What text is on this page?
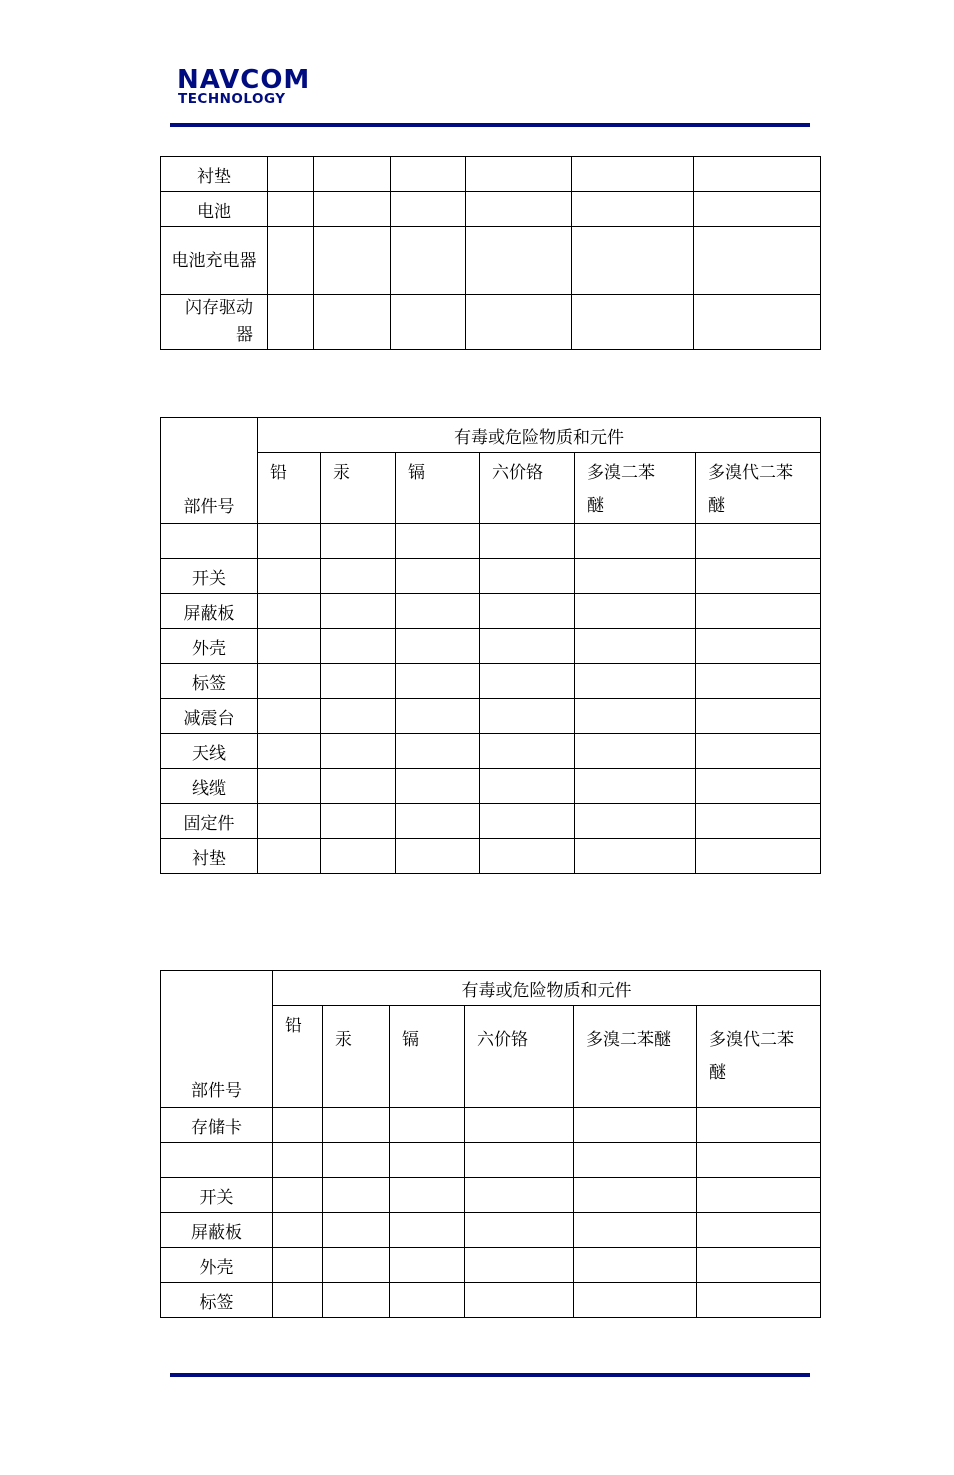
NAVCOM
TECHNOLOGY
衬垫						
电池						
电池充电器						
闪存驱动器						
部件号	有毒或危险物质和元件					
	铅	汞	镉	六价铬	多溴二苯醚	多溴代二苯醚

开关						
屏蔽板						
外壳						
标签						
减震台						
天线						
线缆						
固定件						
衬垫						
部件号	有毒或危险物质和元件					
	铅	汞	镉	六价铬	多溴二苯醚	多溴代二苯醚
存储卡						

开关						
屏蔽板						
外壳						
标签						
